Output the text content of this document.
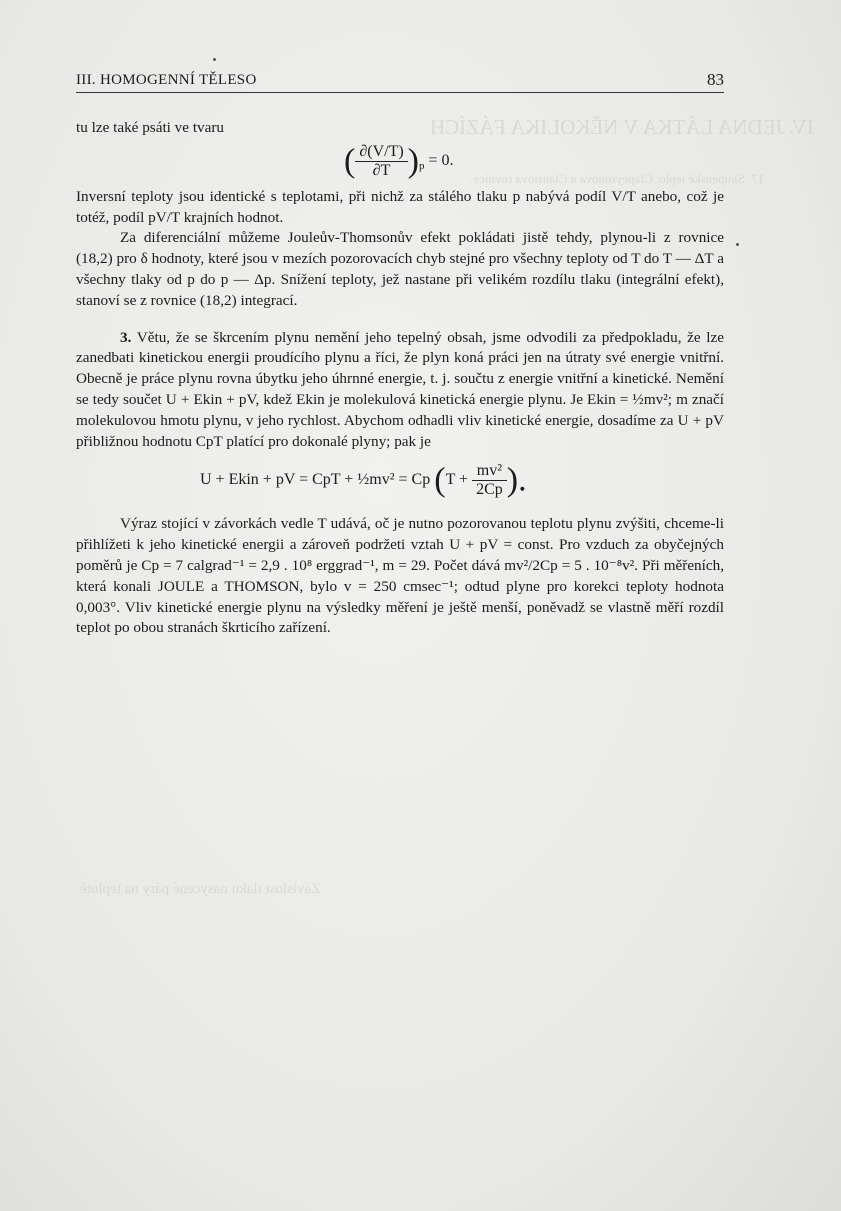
IV. JEDNA LÁTKA V NĚKOLIKA FÁZÍCH
17. Skupenské teplo. Clapeyronova a Clausiova rovnice.
Závislost tlaku nasycené páry na teplotě
III. HOMOGENNÍ TĚLESO	83

tu lze také psáti ve tvaru

Inversní teploty jsou identické s teplotami, při nichž za stálého tlaku p nabývá podíl V/T anebo, což je totéž, podíl pV/T krajních hodnot.

Za diferenciální můžeme Jouleův-Thomsonův efekt pokládati jistě tehdy, plynou-li z rovnice (18,2) pro δ hodnoty, které jsou v mezích pozorovacích chyb stejné pro všechny teploty od T do T — ΔT a všechny tlaky od p do p — Δp. Snížení teploty, jež nastane při velikém rozdílu tlaku (integrální efekt), stanoví se z rovnice (18,2) integrací.

3. Větu, že se škrcením plynu nemění jeho tepelný obsah, jsme odvodili za předpokladu, že lze zanedbati kinetickou energii proudícího plynu a říci, že plyn koná práci jen na útraty své energie vnitřní. Obecně je práce plynu rovna úbytku jeho úhrnné energie, t. j. součtu z energie vnitřní a kinetické. Nemění se tedy součet U + Ekin + pV, kdež Ekin je molekulová kinetická energie plynu. Je Ekin = ½mv²; m značí molekulovou hmotu plynu, v jeho rychlost. Abychom odhadli vliv kinetické energie, dosadíme za U + pV přibližnou hodnotu CpT platící pro dokonalé plyny; pak je

Výraz stojící v závorkách vedle T udává, oč je nutno pozorovanou teplotu plynu zvýšiti, chceme-li přihlížeti k jeho kinetické energii a zároveň podržeti vztah U + pV = const. Pro vzduch za obyčejných poměrů je Cp = 7 calgrad⁻¹ = 2,9 . 10⁸ erggrad⁻¹, m = 29. Počet dává mv²/2Cp = 5 . 10⁻⁸v². Při měřeních, která konali JOULE a THOMSON, bylo v = 250 cmsec⁻¹; odtud plyne pro korekci teploty hodnota 0,003°. Vliv kinetické energie plynu na výsledky měření je ještě menší, poněvadž se vlastně měří rozdíl teplot po obou stranách škrticího zařízení.

( $\frac{\partial(V/T)}{\partial T} )_p = 0$.
U + Ekin + pV = CpT + ½mv² = Cp ($T + \frac{\text{mv²}}{2Cp}$ ).
